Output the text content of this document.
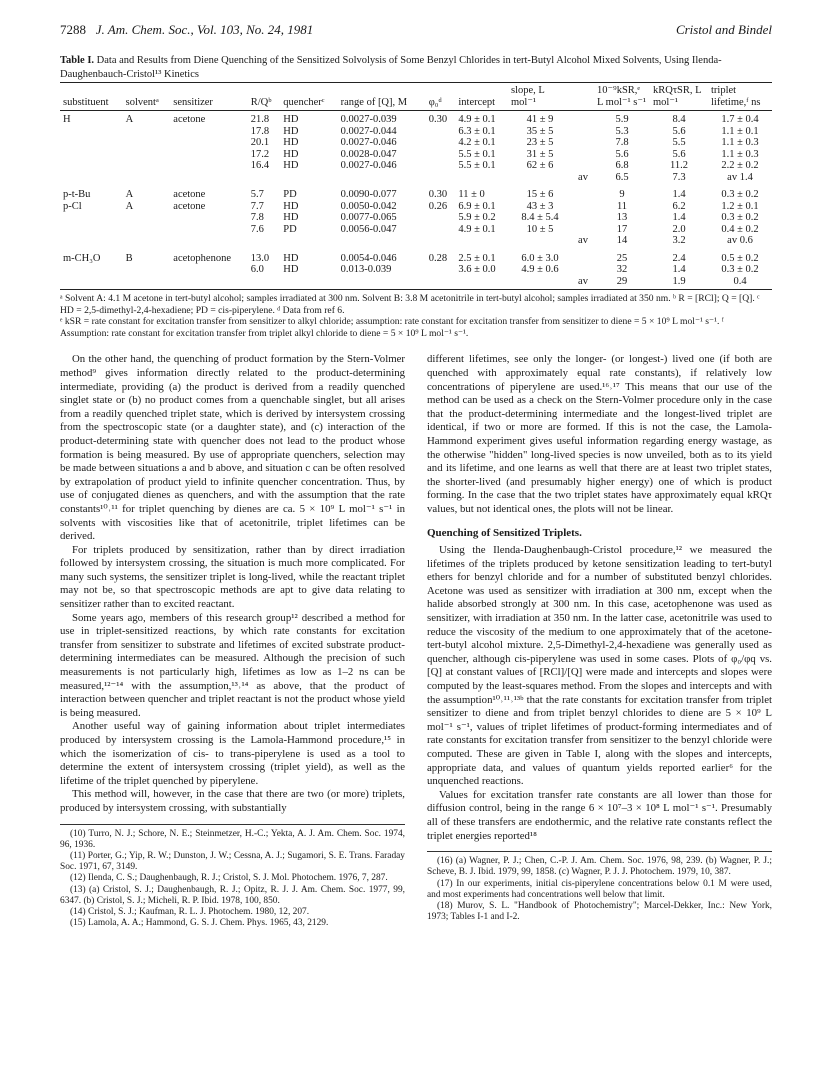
7288 J. Am. Chem. Soc., Vol. 103, No. 24, 1981	Cristol and Bindel
Table I. Data and Results from Diene Quenching of the Sensitized Solvolysis of Some Benzyl Chlorides in tert-Butyl Alcohol Mixed Solvents, Using Ilenda-Daughenbauch-Cristol¹³ Kinetics
substituent	solventᵃ	sensitizer	R/Qᵇ	quencherᶜ	range of [Q], M	φ₀ᵈ	intercept	slope, L mol⁻¹		10⁻⁹kSR,ᵉ L mol⁻¹ s⁻¹	kRQτSR, L mol⁻¹	triplet lifetime,ᶠ ns
H	A	acetone	21.8	HD	0.0027-0.039	0.30	4.9 ± 0.1	41 ± 9		5.9	8.4	1.7 ± 0.4
			17.8	HD	0.0027-0.044		6.3 ± 0.1	35 ± 5		5.3	5.6	1.1 ± 0.1
			20.1	HD	0.0027-0.046		4.2 ± 0.1	23 ± 5		7.8	5.5	1.1 ± 0.3
			17.2	HD	0.0028-0.047		5.5 ± 0.1	31 ± 5		5.6	5.6	1.1 ± 0.3
			16.4	HD	0.0027-0.046		5.5 ± 0.1	62 ± 6		6.8	11.2	2.2 ± 0.2
									av	6.5	7.3	av 1.4
p-t-Bu	A	acetone	5.7	PD	0.0090-0.077	0.30	11 ± 0	15 ± 6		9	1.4	0.3 ± 0.2
p-Cl	A	acetone	7.7	HD	0.0050-0.042	0.26	6.9 ± 0.1	43 ± 3		11	6.2	1.2 ± 0.1
			7.8	HD	0.0077-0.065		5.9 ± 0.2	8.4 ± 5.4		13	1.4	0.3 ± 0.2
			7.6	PD	0.0056-0.047		4.9 ± 0.1	10 ± 5		17	2.0	0.4 ± 0.2
									av	14	3.2	av 0.6
m-CH₃O	B	acetophenone	13.0	HD	0.0054-0.046	0.28	2.5 ± 0.1	6.0 ± 3.0		25	2.4	0.5 ± 0.2
			6.0	HD	0.013-0.039		3.6 ± 0.0	4.9 ± 0.6		32	1.4	0.3 ± 0.2
									av	29	1.9	0.4
ᵃ Solvent A: 4.1 M acetone in tert-butyl alcohol; samples irradiated at 300 nm. Solvent B: 3.8 M acetonitrile in tert-butyl alcohol; samples irradiated at 350 nm. ᵇ R = [RCl]; Q = [Q]. ᶜ HD = 2,5-dimethyl-2,4-hexadiene; PD = cis-piperylene. ᵈ Data from ref 6.
ᵉ kSR = rate constant for excitation transfer from sensitizer to alkyl chloride; assumption: rate constant for excitation transfer from sensitizer to diene = 5 × 10⁹ L mol⁻¹ s⁻¹. ᶠ Assumption: rate constant for excitation transfer from triplet alkyl chloride to diene = 5 × 10⁹ L mol⁻¹ s⁻¹.

On the other hand, the quenching of product formation by the Stern-Volmer method⁹ gives information directly related to the product-determining intermediate, providing (a) the product is derived from a readily quenched singlet state or (b) no product comes from a quenchable singlet, but all arises from a readily quenched triplet state, which is derived by intersystem crossing from the spectroscopic state (or a daughter state), and (c) interaction of the product-determining state with quencher does not lead to the product whose formation is being measured. By use of appropriate quenchers, selection may be made between situations a and b above, and situation c can be often resolved by extrapolation of product yield to infinite quencher concentration. Thus, by use of conjugated dienes as quenchers, and with the assumption that the rate constants¹⁰˒¹¹ for triplet quenching by dienes are ca. 5 × 10⁹ L mol⁻¹ s⁻¹ in solvents with viscosities like that of acetonitrile, triplet lifetimes can be derived.

For triplets produced by sensitization, rather than by direct irradiation followed by intersystem crossing, the situation is much more complicated. For many such systems, the sensitizer triplet is long-lived, while the reactant triplet may not be, so that spectroscopic methods are apt to give data relating to sensitizer rather than to excited reactant.

Some years ago, members of this research group¹² described a method for use in triplet-sensitized reactions, by which rate constants for excitation transfer from sensitizer to substrate and lifetimes of excited substrate product-determining intermediates can be measured. Although the precision of such measurements is not particularly high, lifetimes as low as 1–2 ns can be measured,¹²⁻¹⁴ with the assumption,¹³˒¹⁴ as above, that the product of interaction between quencher and triplet reactant is not the product whose yield is being measured.

Another useful way of gaining information about triplet intermediates produced by intersystem crossing is the Lamola-Hammond procedure,¹⁵ in which the isomerization of cis- to trans-piperylene is used as a tool to determine the extent of intersystem crossing (triplet yield), as well as the lifetime of the triplet quenched by piperylene.

This method will, however, in the case that there are two (or more) triplets, produced by intersystem crossing, with substantially

(10) Turro, N. J.; Schore, N. E.; Steinmetzer, H.-C.; Yekta, A. J. Am. Chem. Soc. 1974, 96, 1936.
(11) Porter, G.; Yip, R. W.; Dunston, J. W.; Cessna, A. J.; Sugamori, S. E. Trans. Faraday Soc. 1971, 67, 3149.
(12) Ilenda, C. S.; Daughenbaugh, R. J.; Cristol, S. J. Mol. Photochem. 1976, 7, 287.
(13) (a) Cristol, S. J.; Daughenbaugh, R. J.; Opitz, R. J. J. Am. Chem. Soc. 1977, 99, 6347. (b) Cristol, S. J.; Micheli, R. P. Ibid. 1978, 100, 850.
(14) Cristol, S. J.; Kaufman, R. L. J. Photochem. 1980, 12, 207.
(15) Lamola, A. A.; Hammond, G. S. J. Chem. Phys. 1965, 43, 2129.

different lifetimes, see only the longer- (or longest-) lived one (if both are quenched with approximately equal rate constants), if relatively low concentrations of piperylene are used.¹⁶˒¹⁷ This means that our use of the method can be used as a check on the Stern-Volmer procedure only in the case that the product-determining intermediate and the longest-lived triplet are identical, if two or more are formed. If this is not the case, the Lamola-Hammond experiment gives useful information regarding energy wastage, as the otherwise "hidden" long-lived species is now unveiled, both as to its yield and its lifetime, and one learns as well that there are at least two triplet states, the shorter-lived (and presumably higher energy) one of which is product forming. In the case that the two triplet states have approximately equal kRQτ values, but not identical ones, the plots will not be linear.

Quenching of Sensitized Triplets.

Using the Ilenda-Daughenbaugh-Cristol procedure,¹² we measured the lifetimes of the triplets produced by ketone sensitization leading to tert-butyl ethers for benzyl chloride and for a number of substituted benzyl chlorides. Acetone was used as sensitizer with irradiation at 300 nm, except when the halide absorbed strongly at 300 nm. In this case, acetophenone was used as sensitizer, with irradiation at 350 nm. In the latter case, acetonitrile was used to reduce the viscosity of the medium to one approximately that of the acetone-tert-butyl alcohol mixture. 2,5-Dimethyl-2,4-hexadiene was generally used as quencher, although cis-piperylene was used in some cases. Plots of φ₀/φq vs. [Q] at constant values of [RCl]/[Q] were made and intercepts and slopes were computed by the least-squares method. From the slopes and intercepts and with the assumption¹⁰˒¹¹˒¹³ᵇ that the rate constants for excitation transfer from triplet sensitizer to diene and from triplet benzyl chlorides to diene are 5 × 10⁹ L mol⁻¹ s⁻¹, values of triplet lifetimes of product-forming intermediates and of rate constants for excitation transfer from sensitizer to the benzyl chloride were computed. These are given in Table I, along with the slopes and intercepts, appropriate data, and values of quantum yields reported earlier⁶ for the unquenched reactions.

Values for excitation transfer rate constants are all lower than those for diffusion control, being in the range 6 × 10⁷–3 × 10⁸ L mol⁻¹ s⁻¹. Presumably all of these transfers are endothermic, and the relative rate constants reflect the triplet energies reported¹⁸

(16) (a) Wagner, P. J.; Chen, C.-P. J. Am. Chem. Soc. 1976, 98, 239. (b) Wagner, P. J.; Scheve, B. J. Ibid. 1979, 99, 1858. (c) Wagner, P. J. J. Photochem. 1979, 10, 387.
(17) In our experiments, initial cis-piperylene concentrations below 0.1 M were used, and most experiments had concentrations well below that limit.
(18) Murov, S. L. "Handbook of Photochemistry"; Marcel-Dekker, Inc.: New York, 1973; Tables I-1 and I-2.
